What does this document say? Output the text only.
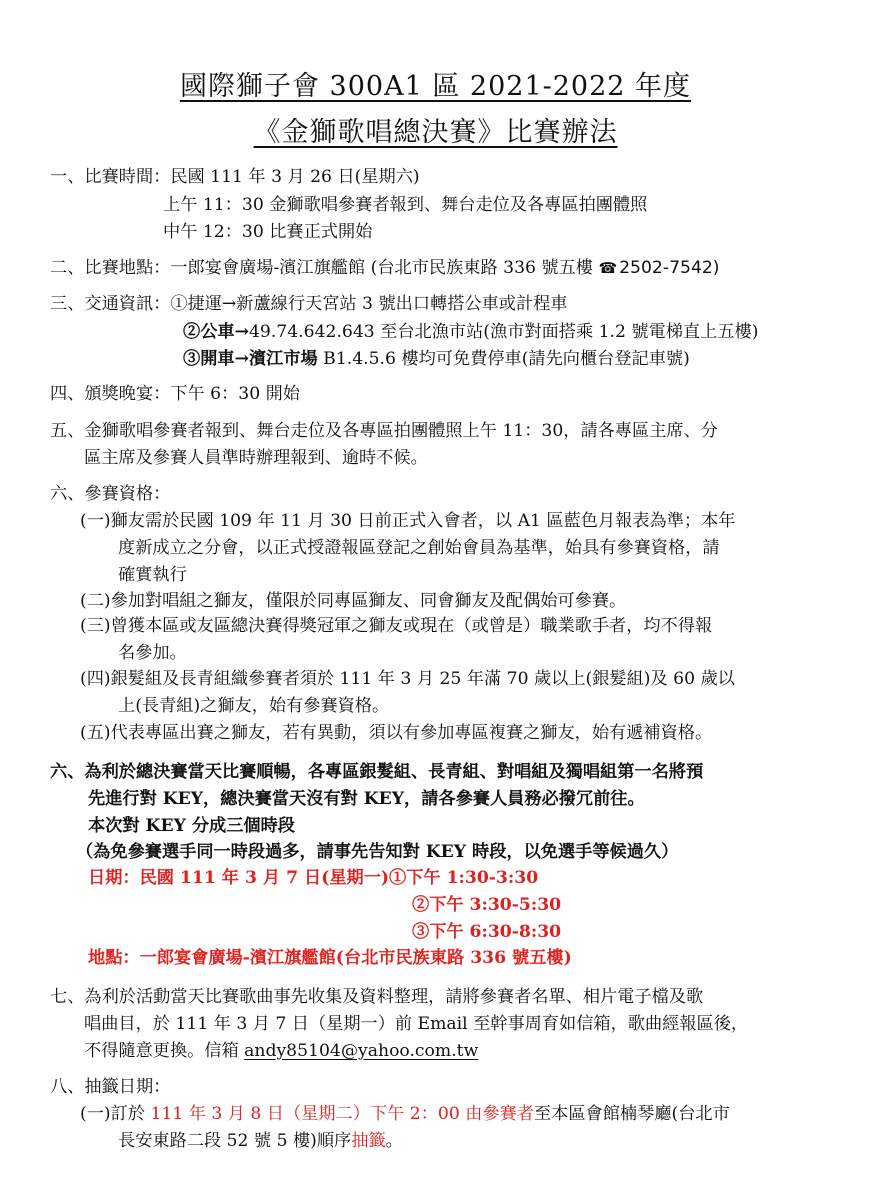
國際獅子會 300A1 區 2021-2022 年度
《金獅歌唱總決賽》比賽辦法
一、比賽時間：民國 111 年 3 月 26 日(星期六)
上午 11：30 金獅歌唱參賽者報到、舞台走位及各專區拍團體照
中午 12：30 比賽正式開始
二、比賽地點：一郎宴會廣場-濱江旗艦館 (台北市民族東路 336 號五樓 ☎ 2502-7542)
三、交通資訊：①捷運→新蘆線行天宮站 3 號出口轉搭公車或計程車
②公車→49.74.642.643 至台北漁市站(漁市對面搭乘 1.2 號電梯直上五樓)
③開車→濱江市場 B1.4.5.6 樓均可免費停車(請先向櫃台登記車號)
四、頒獎晚宴：下午 6：30 開始
五、金獅歌唱參賽者報到、舞台走位及各專區拍團體照上午 11：30，請各專區主席、分
區主席及參賽人員準時辦理報到、逾時不候。
六、參賽資格：
(一)獅友需於民國 109 年 11 月 30 日前正式入會者，以 A1 區藍色月報表為準；本年
度新成立之分會，以正式授證報區登記之創始會員為基準，始具有參賽資格，請
確實執行
(二)參加對唱組之獅友，僅限於同專區獅友、同會獅友及配偶始可參賽。
(三)曾獲本區或友區總決賽得獎冠軍之獅友或現在（或曾是）職業歌手者，均不得報
名參加。
(四)銀髮組及長青組織參賽者須於 111 年 3 月 25 年滿 70 歲以上(銀髮組)及 60 歲以
上(長青組)之獅友，始有參賽資格。
(五)代表專區出賽之獅友，若有異動，須以有參加專區複賽之獅友，始有遞補資格。
六、為利於總決賽當天比賽順暢，各專區銀髮組、長青組、對唱組及獨唱組第一名將預
先進行對 KEY，總決賽當天沒有對 KEY，請各參賽人員務必撥冗前往。
本次對 KEY 分成三個時段
（為免參賽選手同一時段過多，請事先告知對 KEY 時段，以免選手等候過久）
日期：民國 111 年 3 月 7 日(星期一)①下午 1:30-3:30
②下午 3:30-5:30
③下午 6:30-8:30
地點：一郎宴會廣場-濱江旗艦館(台北市民族東路 336 號五樓)
七、為利於活動當天比賽歌曲事先收集及資料整理，請將參賽者名單、相片電子檔及歌
唱曲目，於 111 年 3 月 7 日（星期一）前 Email 至幹事周育如信箱，歌曲經報區後，
不得隨意更換。信箱 andy85104@yahoo.com.tw
八、抽籤日期：
(一)訂於 111 年 3 月 8 日（星期二）下午 2：00 由參賽者至本區會館楠琴廳(台北市
長安東路二段 52 號 5 樓)順序抽籤。
